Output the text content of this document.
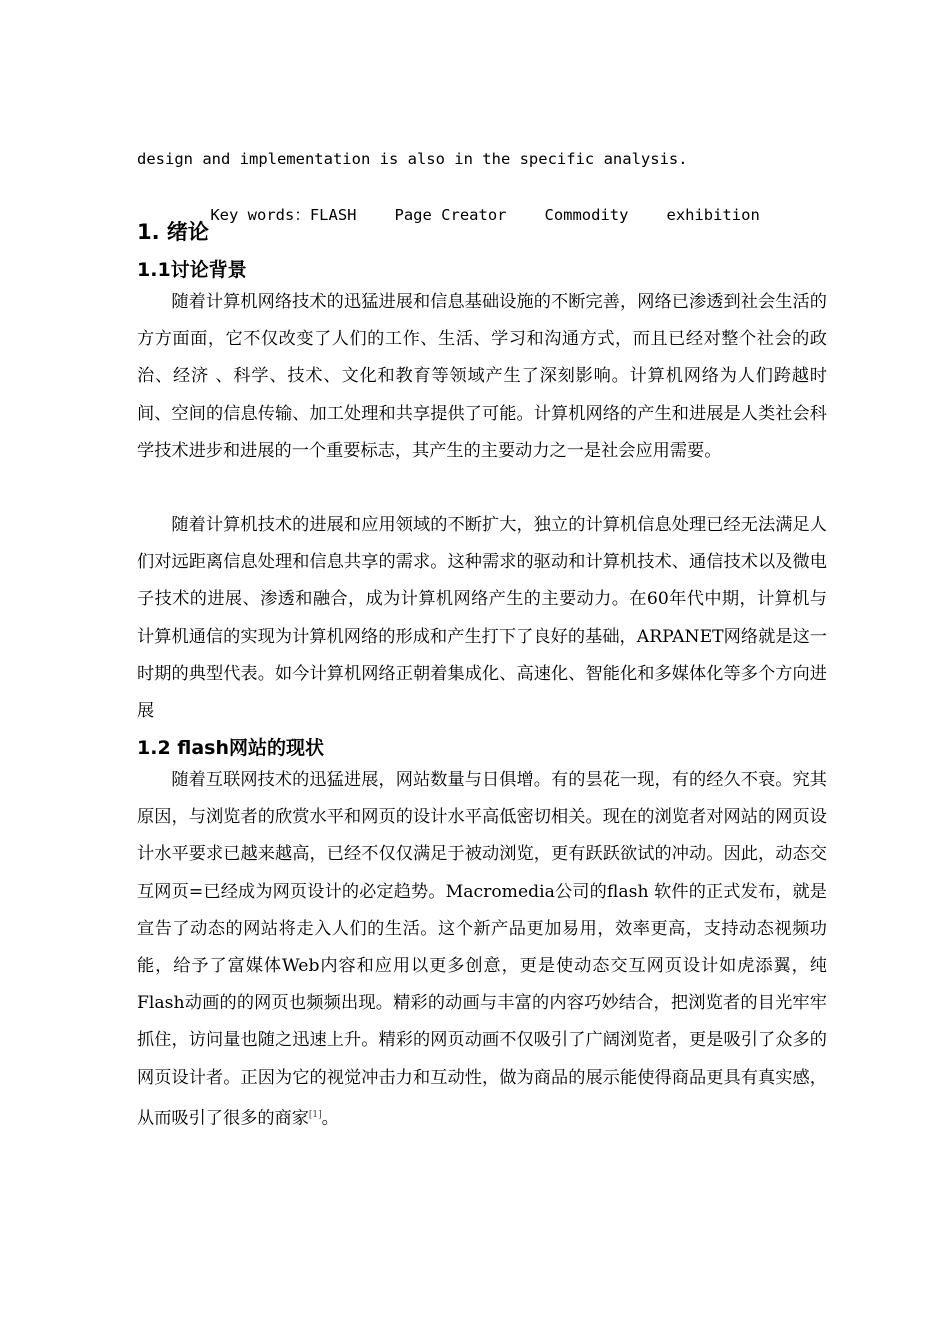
design and implementation is also in the specific analysis.

Key words：FLASH Page Creator Commodity exhibition

1. 绪论
1.1讨论背景

随着计算机网络技术的迅猛进展和信息基础设施的不断完善，网络已渗透到社会生活的方方面面，它不仅改变了人们的工作、生活、学习和沟通方式，而且已经对整个社会的政治、经济 、科学、技术、文化和教育等领域产生了深刻影响。计算机网络为人们跨越时间、空间的信息传输、加工处理和共享提供了可能。计算机网络的产生和进展是人类社会科学技术进步和进展的一个重要标志，其产生的主要动力之一是社会应用需要。

随着计算机技术的进展和应用领域的不断扩大，独立的计算机信息处理已经无法满足人们对远距离信息处理和信息共享的需求。这种需求的驱动和计算机技术、通信技术以及微电子技术的进展、渗透和融合，成为计算机网络产生的主要动力。在60年代中期，计算机与计算机通信的实现为计算机网络的形成和产生打下了良好的基础，ARPANET网络就是这一时期的典型代表。如今计算机网络正朝着集成化、高速化、智能化和多媒体化等多个方向进展

1.2 flash网站的现状

随着互联网技术的迅猛进展，网站数量与日俱增。有的昙花一现，有的经久不衰。究其原因，与浏览者的欣赏水平和网页的设计水平高低密切相关。现在的浏览者对网站的网页设计水平要求已越来越高，已经不仅仅满足于被动浏览，更有跃跃欲试的冲动。因此，动态交互网页=已经成为网页设计的必定趋势。Macromedia公司的flash 软件的正式发布，就是宣告了动态的网站将走入人们的生活。这个新产品更加易用，效率更高，支持动态视频功能，给予了富媒体Web内容和应用以更多创意，更是使动态交互网页设计如虎添翼，纯Flash动画的的网页也频频出现。精彩的动画与丰富的内容巧妙结合，把浏览者的目光牢牢抓住，访问量也随之迅速上升。精彩的网页动画不仅吸引了广阔浏览者，更是吸引了众多的网页设计者。正因为它的视觉冲击力和互动性，做为商品的展示能使得商品更具有真实感，从而吸引了很多的商家[1]。
